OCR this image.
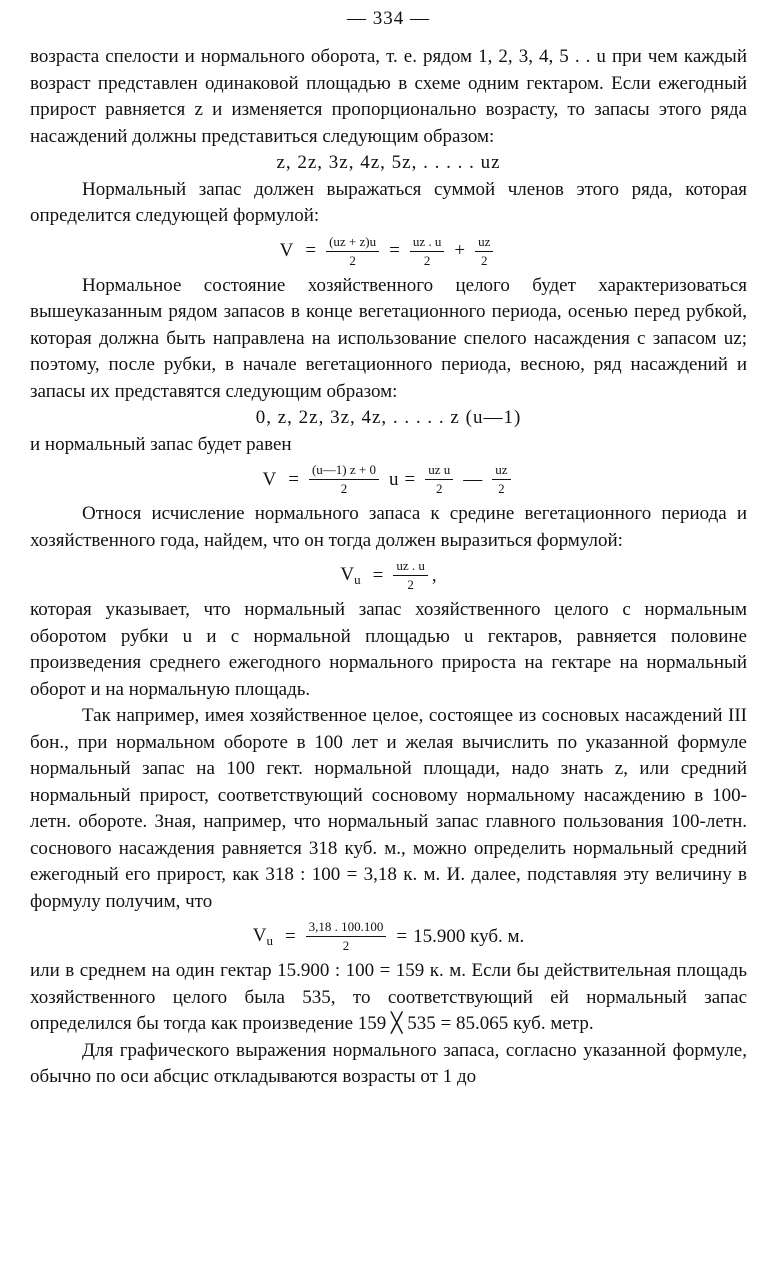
— 334 —

возраста спелости и нормального оборота, т. е. рядом 1, 2, 3, 4, 5 . . u при чем каждый возраст представлен одинаковой площадью в схеме одним гектаром. Если ежегодный прирост равняется z и изменяется пропорционально возрасту, то запасы этого ряда насаждений должны представиться следующим образом:

z, 2z, 3z, 4z, 5z, . . . . . uz

Нормальный запас должен выражаться суммой членов этого ряда, которая определится следующей формулой:

$V = \frac{(uz + z)u}{2} = \frac{uz . u}{2} + \frac{uz}{2}$

Нормальное состояние хозяйственного целого будет характеризоваться вышеуказанным рядом запасов в конце вегетационного периода, осенью перед рубкой, которая должна быть направлена на использование спелого насаждения с запасом uz; поэтому, после рубки, в начале вегетационного периода, весною, ряд насаждений и запасы их представятся следующим образом:

0, z, 2z, 3z, 4z, . . . . . z (u—1)

и нормальный запас будет равен

$V = \frac{(u—1) z + 0}{2}$ $u = \frac{\text{uz u}}{2}$ — $\frac{uz}{2}$

Относя исчисление нормального запаса к средине вегетационного периода и хозяйственного года, найдем, что он тогда должен выразиться формулой:

$V_u = \frac{uz . u}{2}$ ,

которая указывает, что нормальный запас хозяйственного целого с нормальным оборотом рубки u и с нормальной площадью u гектаров, равняется половине произведения среднего ежегодного нормального прироста на гектаре на нормальный оборот и на нормальную площадь.

Так например, имея хозяйственное целое, состоящее из сосновых насаждений III бон., при нормальном обороте в 100 лет и желая вычислить по указанной формуле нормальный запас на 100 гект. нормальной площади, надо знать z, или средний нормальный прирост, соответствующий сосновому нормальному насаждению в 100-летн. обороте. Зная, например, что нормальный запас главного пользования 100-летн. соснового насаждения равняется 318 куб. м., можно определить нормальный средний ежегодный его прирост, как 318 : 100 = 3,18 к. м. И. далее, подставляя эту величину в формулу получим, что

$V_u = \frac{3,18 . 100.100}{2} = 15.900$ куб. м.

или в среднем на один гектар 15.900 : 100 = 159 к. м. Если бы действительная площадь хозяйственного целого была 535, то соответствующий ей нормальный запас определился бы тогда как произведение 159 ╳ 535 = 85.065 куб. метр.

Для графического выражения нормального запаса, согласно указанной формуле, обычно по оси абсцис откладываются возрасты от 1 до
